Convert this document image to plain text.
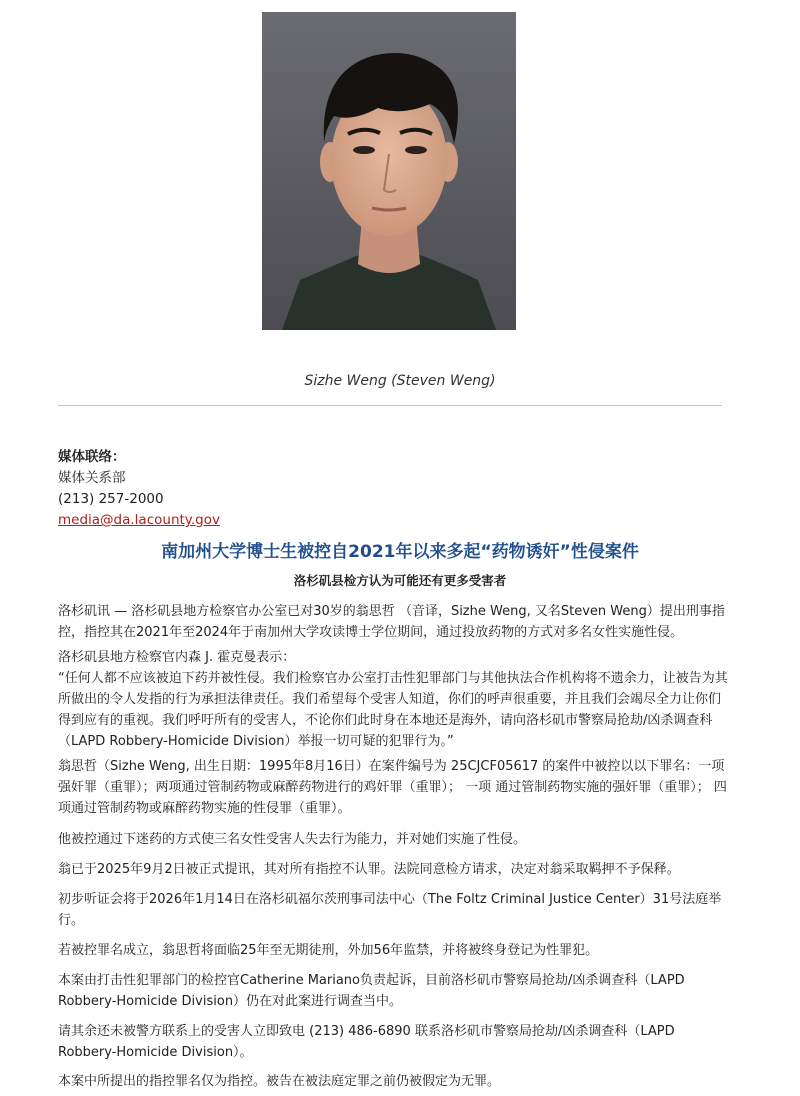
Sizhe Weng (Steven Weng)
媒体联络：
媒体关系部
(213) 257-2000
media@da.lacounty.gov
南加州大学博士生被控自2021年以来多起“药物诱奸”性侵案件
洛杉矶县检方认为可能还有更多受害者
洛杉矶讯 — 洛杉矶县地方检察官办公室已对30岁的翁思哲 （音译，Sizhe Weng, 又名Steven Weng）提出刑事指控，指控其在2021年至2024年于南加州大学攻读博士学位期间，通过投放药物的方式对多名女性实施性侵。
洛杉矶县地方检察官内森 J. 霍克曼表示：
“任何人都不应该被迫下药并被性侵。我们检察官办公室打击性犯罪部门与其他执法合作机构将不遗余力，让被告为其所做出的令人发指的行为承担法律责任。我们希望每个受害人知道，你们的呼声很重要，并且我们会竭尽全力让你们得到应有的重视。我们呼吁所有的受害人，不论你们此时身在本地还是海外，请向洛杉矶市警察局抢劫/凶杀调查科（LAPD Robbery-Homicide Division）举报一切可疑的犯罪行为。”
翁思哲（Sizhe Weng, 出生日期：1995年8月16日）在案件编号为 25CJCF05617 的案件中被控以以下罪名：一项强奸罪（重罪）；两项通过管制药物或麻醉药物进行的鸡奸罪（重罪）； 一项 通过管制药物实施的强奸罪（重罪）； 四项通过管制药物或麻醉药物实施的性侵罪（重罪）。
他被控通过下迷药的方式使三名女性受害人失去行为能力，并对她们实施了性侵。
翁已于2025年9月2日被正式提讯，其对所有指控不认罪。法院同意检方请求，决定对翁采取羁押不予保释。
初步听证会将于2026年1月14日在洛杉矶福尔茨刑事司法中心（The Foltz Criminal Justice Center）31号法庭举行。
若被控罪名成立，翁思哲将面临25年至无期徒刑，外加56年监禁，并将被终身登记为性罪犯。
本案由打击性犯罪部门的检控官Catherine Mariano负责起诉，目前洛杉矶市警察局抢劫/凶杀调查科（LAPD Robbery-Homicide Division）仍在对此案进行调查当中。
请其余还未被警方联系上的受害人立即致电 (213) 486-6890 联系洛杉矶市警察局抢劫/凶杀调查科（LAPD Robbery-Homicide Division）。
本案中所提出的指控罪名仅为指控。被告在被法庭定罪之前仍被假定为无罪。
